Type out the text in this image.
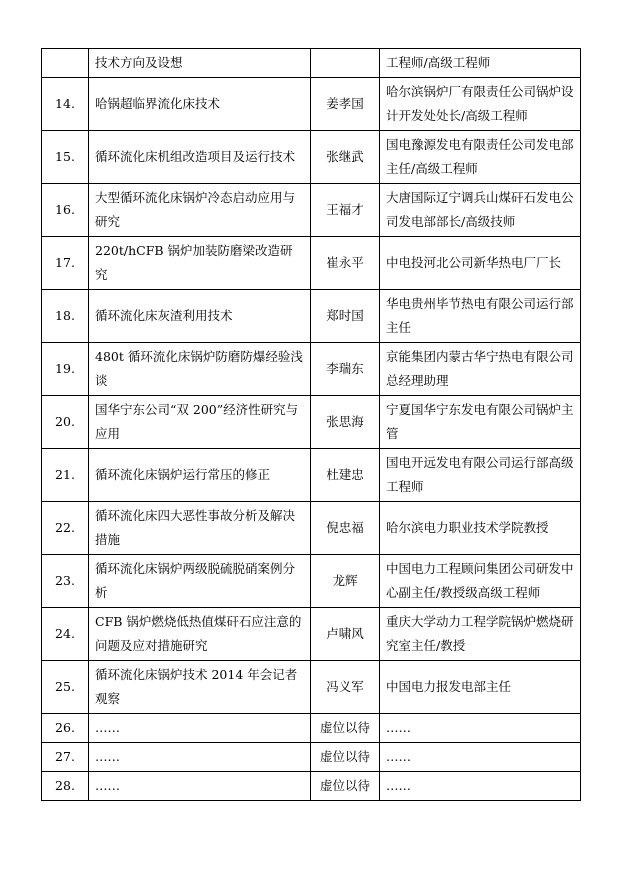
	技术方向及设想		工程师/高级工程师
14.	哈锅超临界流化床技术	姜孝国	哈尔滨锅炉厂有限责任公司锅炉设计开发处处长/高级工程师
15.	循环流化床机组改造项目及运行技术	张继武	国电豫源发电有限责任公司发电部主任/高级工程师
16.	大型循环流化床锅炉冷态启动应用与研究	王福才	大唐国际辽宁调兵山煤矸石发电公司发电部部长/高级技师
17.	220t/hCFB 锅炉加装防磨梁改造研究	崔永平	中电投河北公司新华热电厂厂长
18.	循环流化床灰渣利用技术	郑时国	华电贵州毕节热电有限公司运行部主任
19.	480t 循环流化床锅炉防磨防爆经验浅谈	李瑞东	京能集团内蒙古华宁热电有限公司总经理助理
20.	国华宁东公司“双 200”经济性研究与应用	张思海	宁夏国华宁东发电有限公司锅炉主管
21.	循环流化床锅炉运行常压的修正	杜建忠	国电开远发电有限公司运行部高级工程师
22.	循环流化床四大恶性事故分析及解决措施	倪忠福	哈尔滨电力职业技术学院教授
23.	循环流化床锅炉两级脱硫脱硝案例分析	龙辉	中国电力工程顾问集团公司研发中心副主任/教授级高级工程师
24.	CFB 锅炉燃烧低热值煤矸石应注意的问题及应对措施研究	卢啸风	重庆大学动力工程学院锅炉燃烧研究室主任/教授
25.	循环流化床锅炉技术 2014 年会记者观察	冯义军	中国电力报发电部主任
26.	……	虚位以待	……
27.	……	虚位以待	……
28.	……	虚位以待	……
